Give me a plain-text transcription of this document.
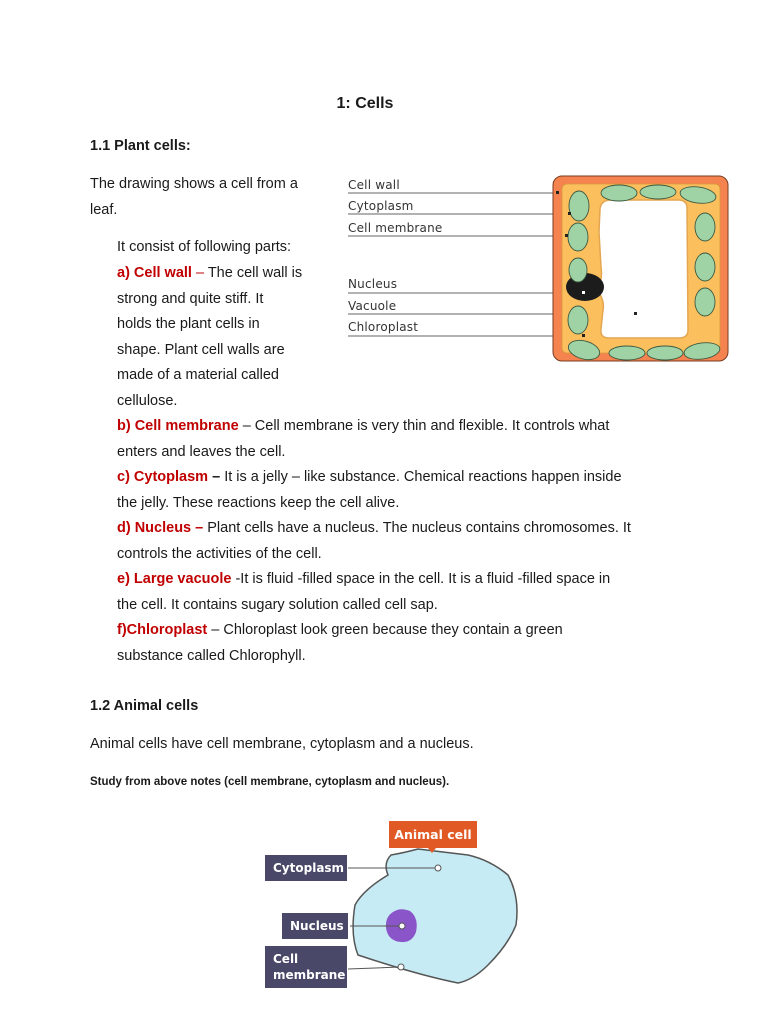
1: Cells
1.1 Plant cells:
The drawing shows a cell from a
leaf.
It consist of following parts:
a) Cell wall – The cell wall is
strong and quite stiff. It
holds the plant cells in
shape. Plant cell walls are
made of a material called
cellulose.
b) Cell membrane – Cell membrane is very thin and flexible. It controls what
enters and leaves the cell.
c) Cytoplasm – It is a jelly – like substance. Chemical reactions happen inside
the jelly. These reactions keep the cell alive.
d) Nucleus – Plant cells have a nucleus. The nucleus contains chromosomes. It
controls the activities of the cell.
e) Large vacuole -It is fluid -filled space in the cell. It is a fluid -filled space in
the cell. It contains sugary solution called cell sap.
f)Chloroplast – Chloroplast look green because they contain a green
substance called Chlorophyll.
Cell wall
Cytoplasm
Cell membrane
Nucleus
Vacuole
Chloroplast
1.2 Animal cells
Animal cells have cell membrane, cytoplasm and a nucleus.
Study from above notes (cell membrane, cytoplasm and nucleus).
Animal cell
Cytoplasm
Nucleus
Cell
membrane
